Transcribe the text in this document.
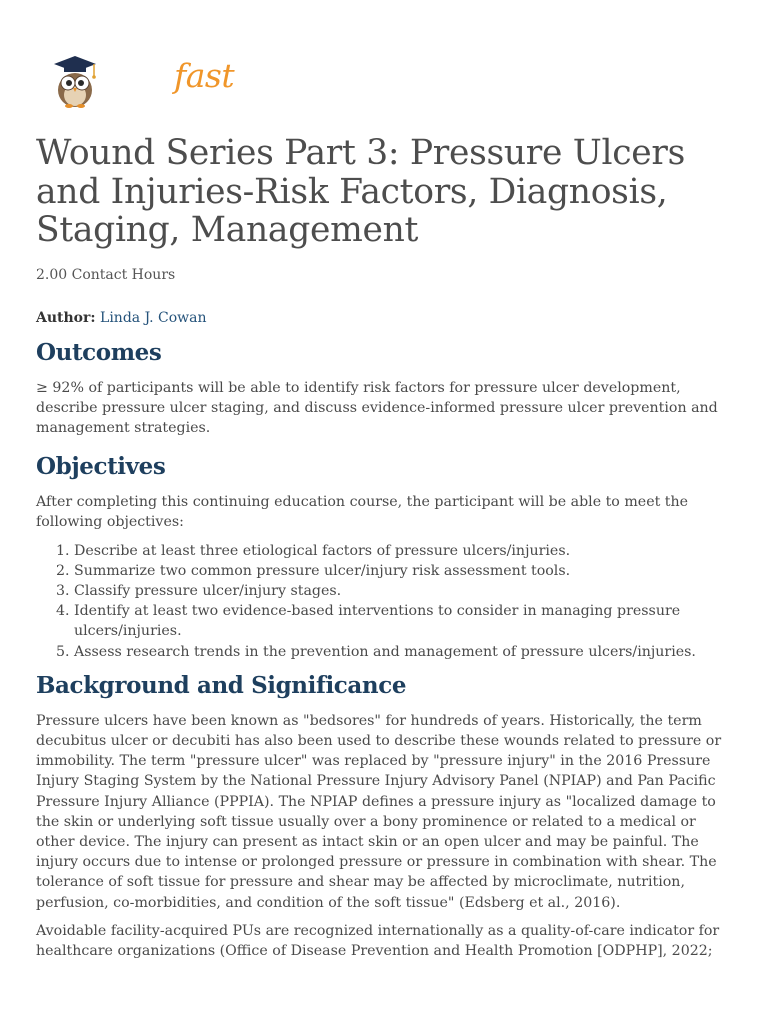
fast
Wound Series Part 3: Pressure Ulcers and Injuries-Risk Factors, Diagnosis, Staging, Management
2.00 Contact Hours
Author: Linda J. Cowan
Outcomes

≥ 92% of participants will be able to identify risk factors for pressure ulcer development, describe pressure ulcer staging, and discuss evidence-informed pressure ulcer prevention and management strategies.

Objectives

After completing this continuing education course, the participant will be able to meet the following objectives:

1. Describe at least three etiological factors of pressure ulcers/injuries.
2. Summarize two common pressure ulcer/injury risk assessment tools.
3. Classify pressure ulcer/injury stages.
4. Identify at least two evidence-based interventions to consider in managing pressure ulcers/injuries.
5. Assess research trends in the prevention and management of pressure ulcers/injuries.
Background and Significance

Pressure ulcers have been known as "bedsores" for hundreds of years. Historically, the term decubitus ulcer or decubiti has also been used to describe these wounds related to pressure or immobility. The term "pressure ulcer" was replaced by "pressure injury" in the 2016 Pressure Injury Staging System by the National Pressure Injury Advisory Panel (NPIAP) and Pan Pacific Pressure Injury Alliance (PPPIA). The NPIAP defines a pressure injury as "localized damage to the skin or underlying soft tissue usually over a bony prominence or related to a medical or other device. The injury can present as intact skin or an open ulcer and may be painful. The injury occurs due to intense or prolonged pressure or pressure in combination with shear. The tolerance of soft tissue for pressure and shear may be affected by microclimate, nutrition, perfusion, co-morbidities, and condition of the soft tissue" (Edsberg et al., 2016).

Avoidable facility-acquired PUs are recognized internationally as a quality-of-care indicator for healthcare organizations (Office of Disease Prevention and Health Promotion [ODPHP], 2022;
